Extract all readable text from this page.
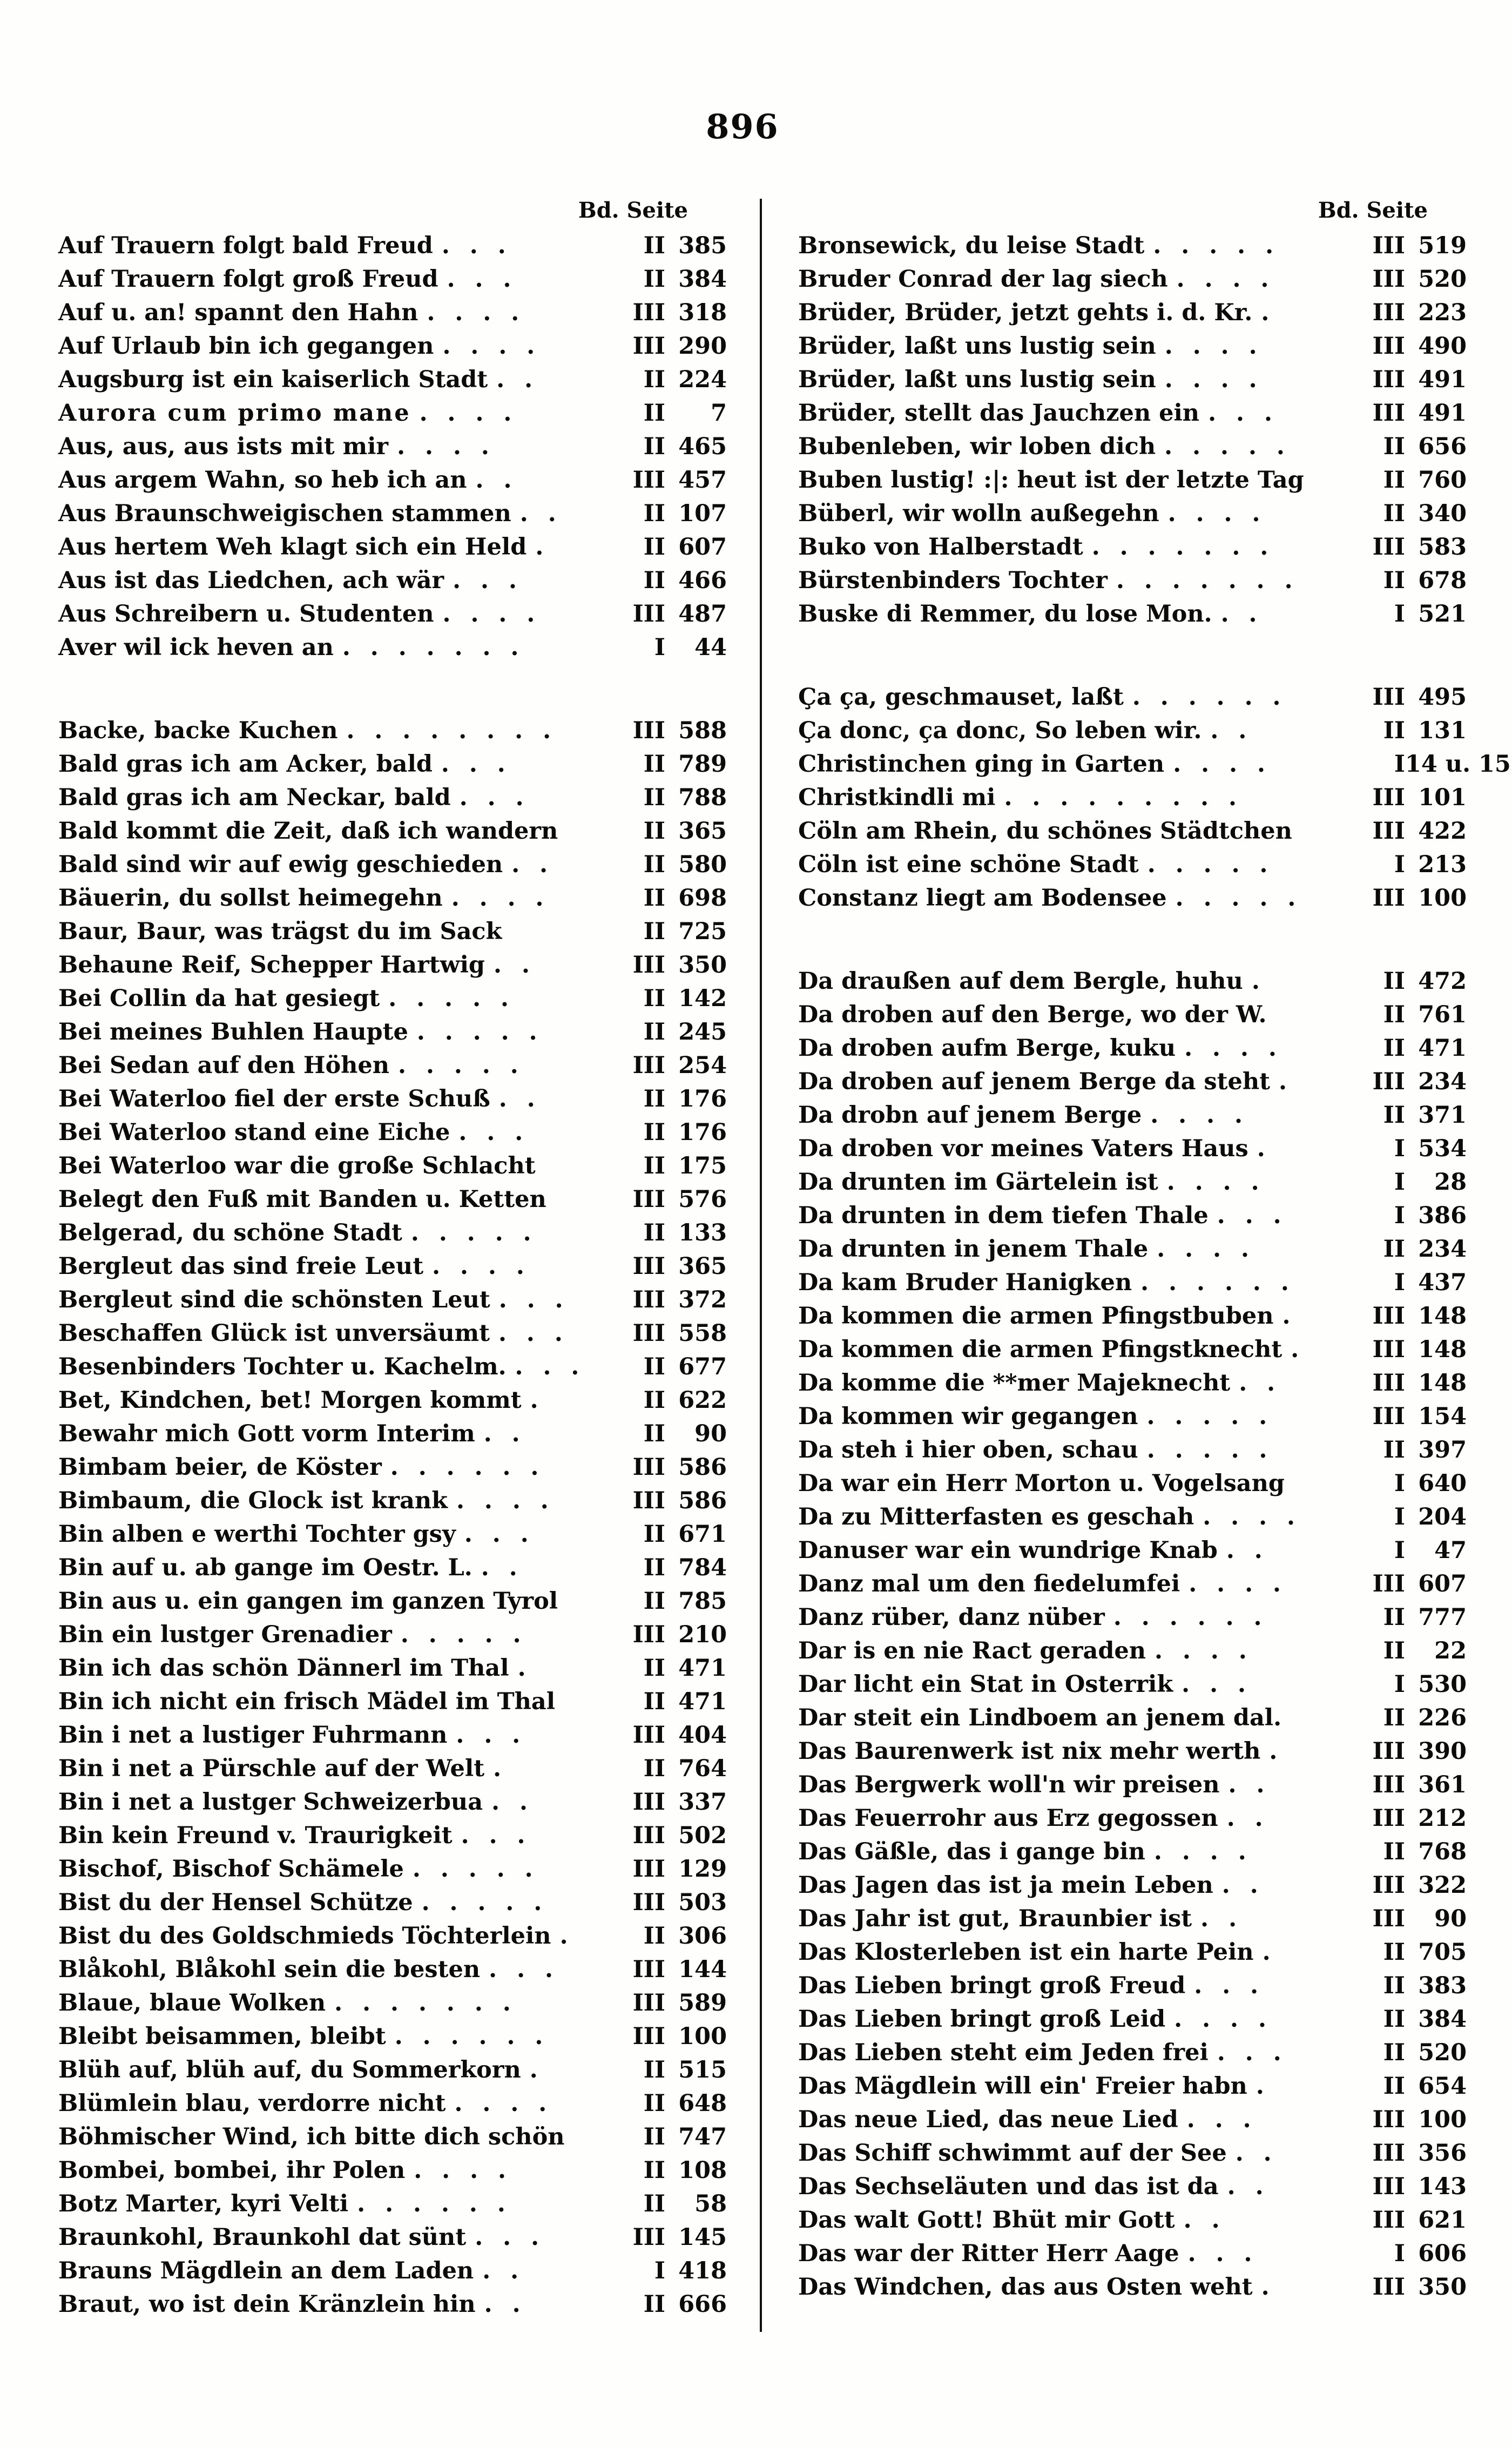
896
Bd. Seite
Auf Trauern folgt bald Freud . . .	II 385
Auf Trauern folgt groß Freud . . .	II 384
Auf u. an! spannt den Hahn . . . .	III 318
Auf Urlaub bin ich gegangen . . . .	III 290
Augsburg ist ein kaiserlich Stadt . .	II 224
Aurora cum primo mane . . . .	II	7
Aus, aus, aus ists mit mir . . . .	II 465
Aus argem Wahn, so heb ich an . .	III 457
Aus Braunschweigischen stammen . .	II 107
Aus hertem Weh klagt sich ein Held .	II 607
Aus ist das Liedchen, ach wär . . .	II 466
Aus Schreibern u. Studenten . . . .	III 487
Aver wil ick heven an . . . . . . .	I	44
Backe, backe Kuchen . . . . . . . .	III 588
Bald gras ich am Acker, bald . . .	II 789
Bald gras ich am Neckar, bald . . .	II 788
Bald kommt die Zeit, daß ich wandern	II 365
Bald sind wir auf ewig geschieden . .	II 580
Bäuerin, du sollst heimegehn . . . .	II 698
Baur, Baur, was trägst du im Sack	II 725
Behaune Reif, Schepper Hartwig . .	III 350
Bei Collin da hat gesiegt . . . . .	II 142
Bei meines Buhlen Haupte . . . . .	II 245
Bei Sedan auf den Höhen . . . . .	III 254
Bei Waterloo fiel der erste Schuß . .	II 176
Bei Waterloo stand eine Eiche . . .	II 176
Bei Waterloo war die große Schlacht	II 175
Belegt den Fuß mit Banden u. Ketten	III 576
Belgerad, du schöne Stadt . . . . .	II 133
Bergleut das sind freie Leut . . . .	III 365
Bergleut sind die schönsten Leut . . .	III 372
Beschaffen Glück ist unversäumt . . .	III 558
Besenbinders Tochter u. Kachelm. . . .	II 677
Bet, Kindchen, bet! Morgen kommt .	II 622
Bewahr mich Gott vorm Interim . .	II	90
Bimbam beier, de Köster . . . . . .	III 586
Bimbaum, die Glock ist krank . . . .	III 586
Bin alben e werthi Tochter gsy . . .	II 671
Bin auf u. ab gange im Oestr. L. . .	II 784
Bin aus u. ein gangen im ganzen Tyrol	II 785
Bin ein lustger Grenadier . . . . .	III 210
Bin ich das schön Dännerl im Thal .	II 471
Bin ich nicht ein frisch Mädel im Thal	II 471
Bin i net a lustiger Fuhrmann . . .	III 404
Bin i net a Pürschle auf der Welt .	II 764
Bin i net a lustger Schweizerbua . .	III 337
Bin kein Freund v. Traurigkeit . . .	III 502
Bischof, Bischof Schämele . . . . .	III 129
Bist du der Hensel Schütze . . . . .	III 503
Bist du des Goldschmieds Töchterlein .	II 306
Blåkohl, Blåkohl sein die besten . . .	III 144
Blaue, blaue Wolken . . . . . . .	III 589
Bleibt beisammen, bleibt . . . . . .	III 100
Blüh auf, blüh auf, du Sommerkorn .	II 515
Blümlein blau, verdorre nicht . . . .	II 648
Böhmischer Wind, ich bitte dich schön	II 747
Bombei, bombei, ihr Polen . . . .	II 108
Botz Marter, kyri Velti . . . . . .	II	58
Braunkohl, Braunkohl dat sünt . . .	III 145
Brauns Mägdlein an dem Laden . .	I 418
Braut, wo ist dein Kränzlein hin . .	II 666
Bd. Seite
Bronsewick, du leise Stadt . . . . .	III 519
Bruder Conrad der lag siech . . . .	III 520
Brüder, Brüder, jetzt gehts i. d. Kr. .	III 223
Brüder, laßt uns lustig sein . . . .	III 490
Brüder, laßt uns lustig sein . . . .	III 491
Brüder, stellt das Jauchzen ein . . .	III 491
Bubenleben, wir loben dich . . . . .	II 656
Buben lustig! :|: heut ist der letzte Tag	II 760
Büberl, wir wolln außegehn . . . .	II 340
Buko von Halberstadt . . . . . . .	III 583
Bürstenbinders Tochter . . . . . . .	II 678
Buske di Remmer, du lose Mon. . .	I 521
Ça ça, geschmauset, laßt . . . . . .	III 495
Ça donc, ça donc, So leben wir. . .	II 131
Christinchen ging in Garten . . . .	I 14 u. 15
Christkindli mi . . . . . . . . .	III 101
Cöln am Rhein, du schönes Städtchen	III 422
Cöln ist eine schöne Stadt . . . . .	I 213
Constanz liegt am Bodensee . . . . .	III 100
Da draußen auf dem Bergle, huhu .	II 472
Da droben auf den Berge, wo der W.	II 761
Da droben aufm Berge, kuku . . . .	II 471
Da droben auf jenem Berge da steht .	III 234
Da drobn auf jenem Berge . . . .	II 371
Da droben vor meines Vaters Haus .	I 534
Da drunten im Gärtelein ist . . . .	I	28
Da drunten in dem tiefen Thale . . .	I 386
Da drunten in jenem Thale . . . .	II 234
Da kam Bruder Hanigken . . . . . .	I 437
Da kommen die armen Pfingstbuben .	III 148
Da kommen die armen Pfingstknecht .	III 148
Da komme die **mer Majeknecht . .	III 148
Da kommen wir gegangen . . . . .	III 154
Da steh i hier oben, schau . . . . .	II 397
Da war ein Herr Morton u. Vogelsang	I 640
Da zu Mitterfasten es geschah . . . .	I 204
Danuser war ein wundrige Knab . .	I	47
Danz mal um den fiedelumfei . . . .	III 607
Danz rüber, danz nüber . . . . . .	II 777
Dar is en nie Ract geraden . . . .	II	22
Dar licht ein Stat in Osterrik . . .	I 530
Dar steit ein Lindboem an jenem dal.	II 226
Das Baurenwerk ist nix mehr werth .	III 390
Das Bergwerk woll'n wir preisen . .	III 361
Das Feuerrohr aus Erz gegossen . .	III 212
Das Gäßle, das i gange bin . . . .	II 768
Das Jagen das ist ja mein Leben . .	III 322
Das Jahr ist gut, Braunbier ist . .	III	90
Das Klosterleben ist ein harte Pein .	II 705
Das Lieben bringt groß Freud . . .	II 383
Das Lieben bringt groß Leid . . . .	II 384
Das Lieben steht eim Jeden frei . . .	II 520
Das Mägdlein will ein' Freier habn .	II 654
Das neue Lied, das neue Lied . . .	III 100
Das Schiff schwimmt auf der See . .	III 356
Das Sechseläuten und das ist da . .	III 143
Das walt Gott! Bhüt mir Gott . .	III 621
Das war der Ritter Herr Aage . . .	I 606
Das Windchen, das aus Osten weht .	III 350
